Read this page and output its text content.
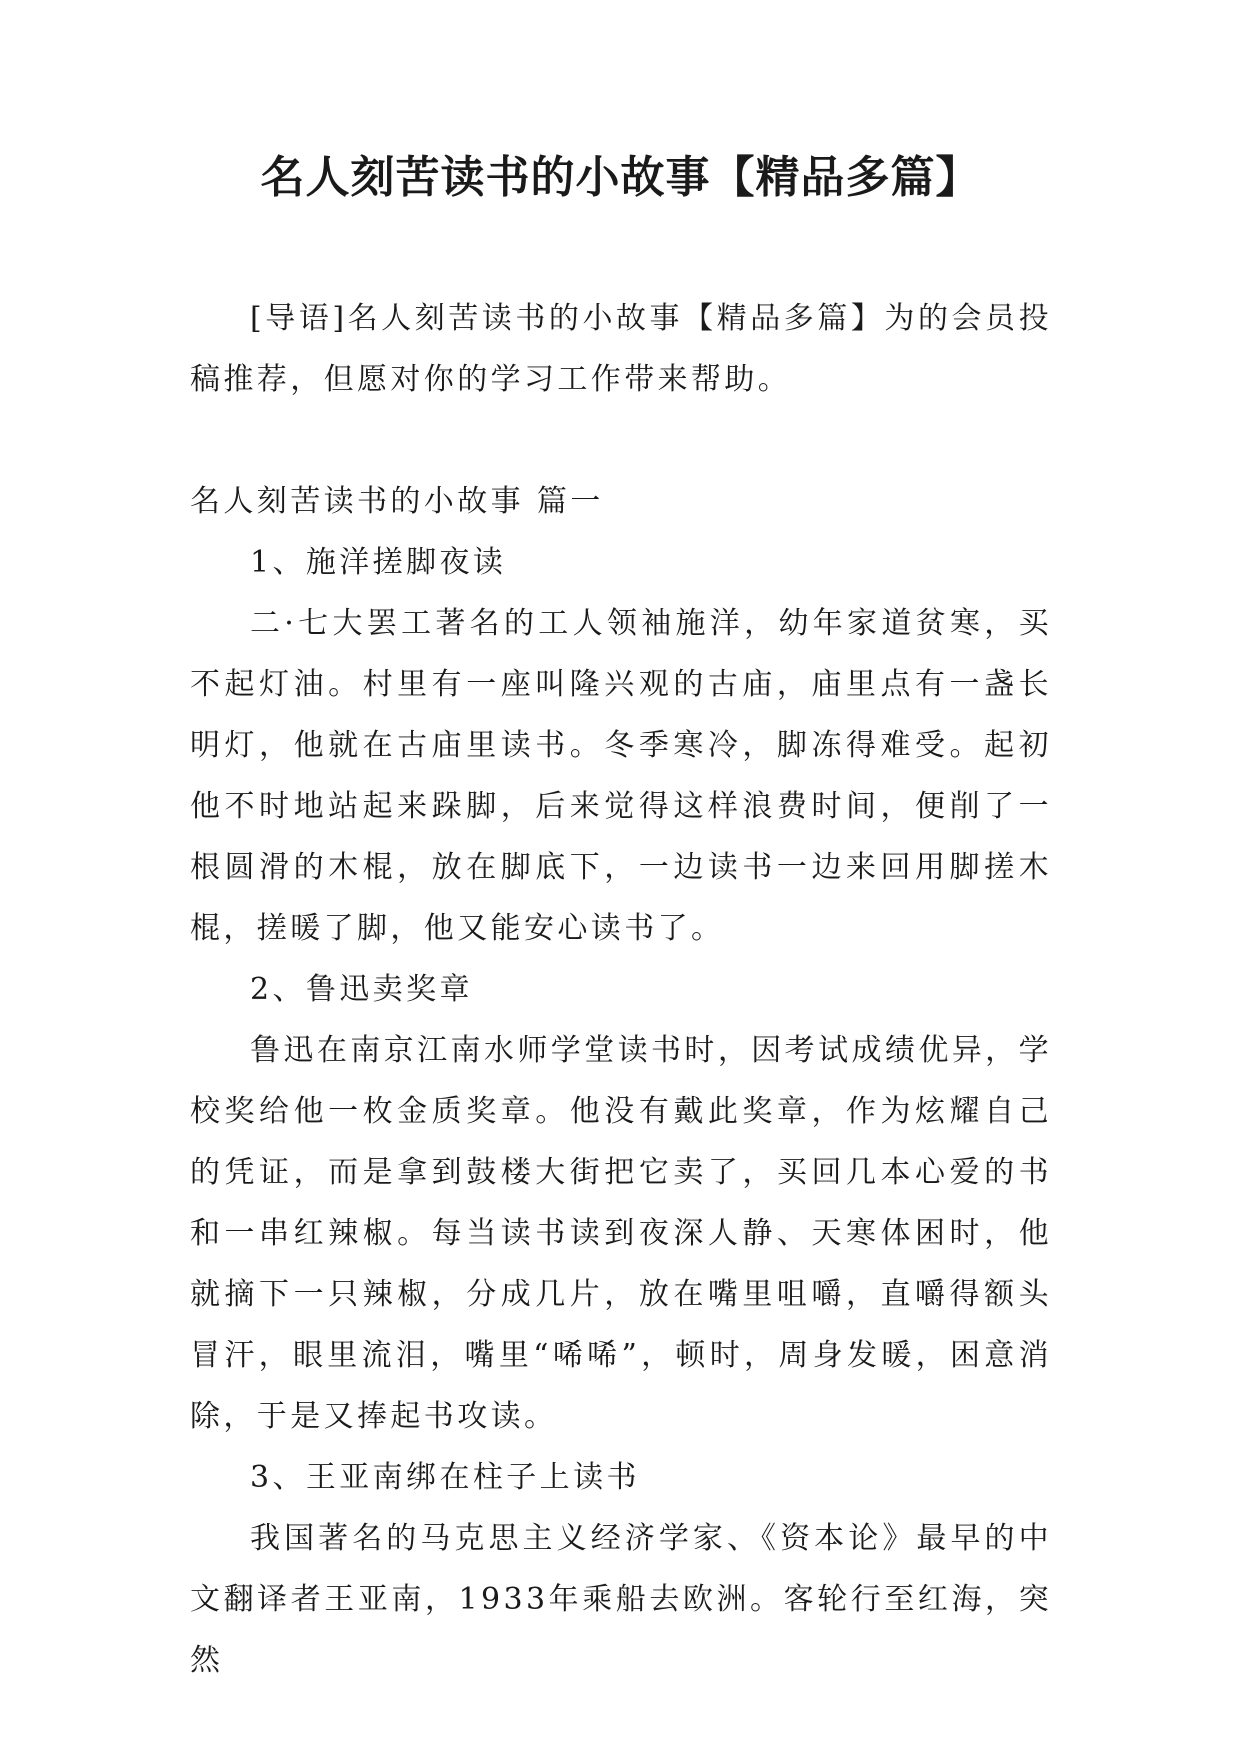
名人刻苦读书的小故事【精品多篇】

[导语]名人刻苦读书的小故事【精品多篇】为的会员投稿推荐，但愿对你的学习工作带来帮助。

名人刻苦读书的小故事 篇一

1、施洋搓脚夜读

二·七大罢工著名的工人领袖施洋，幼年家道贫寒，买不起灯油。村里有一座叫隆兴观的古庙，庙里点有一盏长明灯，他就在古庙里读书。冬季寒冷，脚冻得难受。起初他不时地站起来跺脚，后来觉得这样浪费时间，便削了一根圆滑的木棍，放在脚底下，一边读书一边来回用脚搓木棍，搓暖了脚，他又能安心读书了。

2、鲁迅卖奖章

鲁迅在南京江南水师学堂读书时，因考试成绩优异，学校奖给他一枚金质奖章。他没有戴此奖章，作为炫耀自己的凭证，而是拿到鼓楼大街把它卖了，买回几本心爱的书和一串红辣椒。每当读书读到夜深人静、天寒体困时，他就摘下一只辣椒，分成几片，放在嘴里咀嚼，直嚼得额头冒汗，眼里流泪，嘴里“唏唏”，顿时，周身发暖，困意消除，于是又捧起书攻读。

3、王亚南绑在柱子上读书

我国著名的马克思主义经济学家、《资本论》最早的中文翻译者王亚南，1933年乘船去欧洲。客轮行至红海，突然
